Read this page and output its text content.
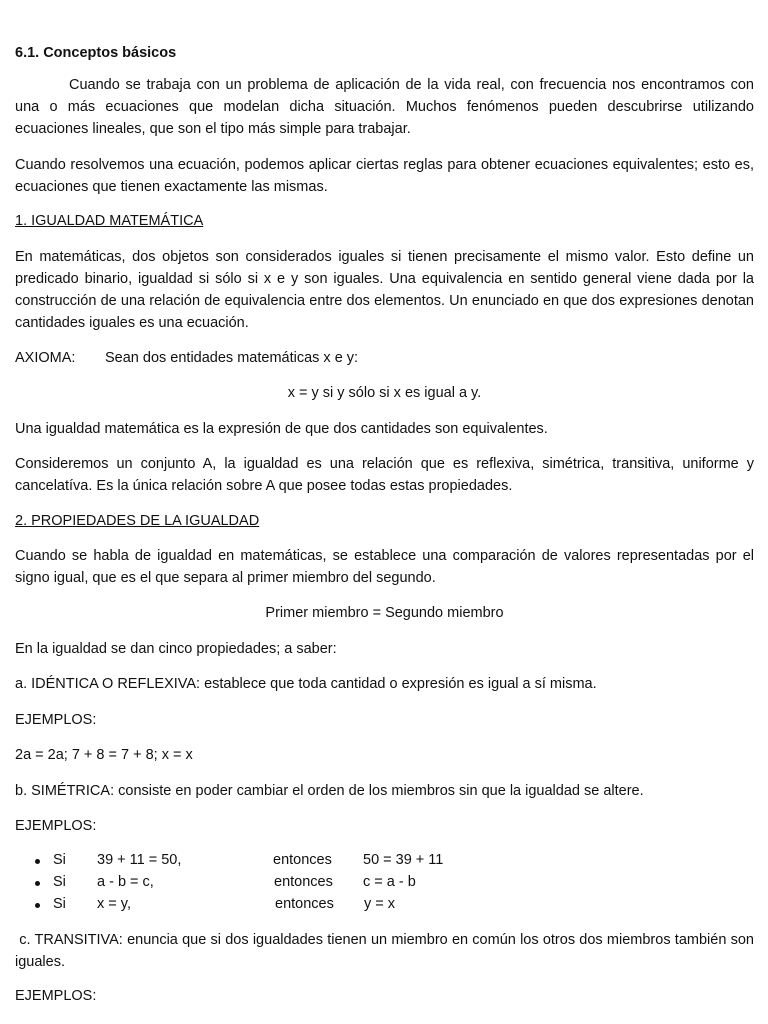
6.1. Conceptos básicos
Cuando se trabaja con un problema de aplicación de la vida real, con frecuencia nos encontramos con una o más ecuaciones que modelan dicha situación. Muchos fenómenos pueden descubrirse utilizando ecuaciones lineales, que son el tipo más simple para trabajar.
Cuando resolvemos una ecuación, podemos aplicar ciertas reglas para obtener ecuaciones equivalentes; esto es, ecuaciones que tienen exactamente las mismas.
1. IGUALDAD MATEMÁTICA
En matemáticas, dos objetos son considerados iguales si tienen precisamente el mismo valor. Esto define un predicado binario, igualdad si sólo si x e y son iguales. Una equivalencia en sentido general viene dada por la construcción de una relación de equivalencia entre dos elementos. Un enunciado en que dos expresiones denotan cantidades iguales es una ecuación.
AXIOMA: Sean dos entidades matemáticas x e y:
x = y si y sólo si x es igual a y.
Una igualdad matemática es la expresión de que dos cantidades son equivalentes.
Consideremos un conjunto A, la igualdad es una relación que es reflexiva, simétrica, transitiva, uniforme y cancelatíva. Es la única relación sobre A que posee todas estas propiedades.
2. PROPIEDADES DE LA IGUALDAD
Cuando se habla de igualdad en matemáticas, se establece una comparación de valores representadas por el signo igual, que es el que separa al primer miembro del segundo.
Primer miembro = Segundo miembro
En la igualdad se dan cinco propiedades; a saber:
a. IDÉNTICA O REFLEXIVA: establece que toda cantidad o expresión es igual a sí misma.
EJEMPLOS:
2a = 2a; 7 + 8 = 7 + 8; x = x
b. SIMÉTRICA: consiste en poder cambiar el orden de los miembros sin que la igualdad se altere.
EJEMPLOS:
Si 39 + 11 = 50,	entonces 50 = 39 + 11
Si a - b = c,	entonces c = a - b
Si x = y,	entonces y = x
c. TRANSITIVA: enuncia que si dos igualdades tienen un miembro en común los otros dos miembros también son iguales.
EJEMPLOS:
